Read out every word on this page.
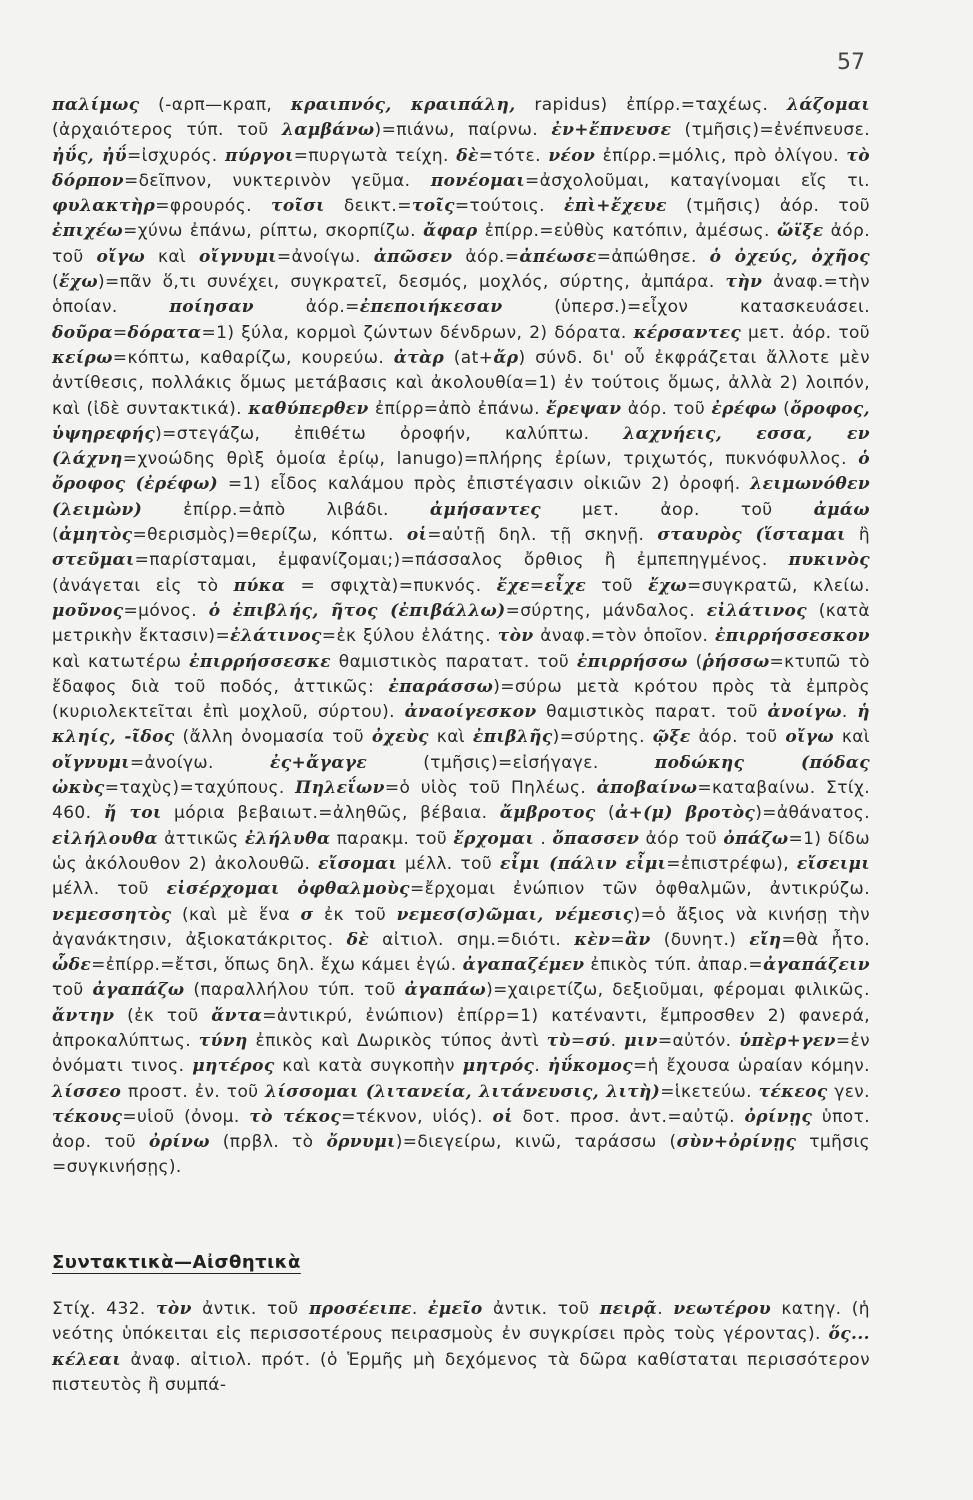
57
παλίμως (-αρπ—κραπ, κραιπνός, κραιπάλη, rapidus) ἐπίρρ.=ταχέως. λάζομαι (ἀρχαιότερος τύπ. τοῦ λαμβάνω)=πιάνω, παίρνω. ἐν+ἔπνευσε (τμῆσις)=ἐνέπνευσε. ἠΰς, ἠΰ=ἰσχυρός. πύργοι=πυργωτὰ τείχη. δὲ=τότε. νέον ἐπίρρ.=μόλις, πρὸ ὀλίγου. τὸ δόρπον=δεῖπνον, νυκτερινὸν γεῦμα. πονέομαι=ἀσχολοῦμαι, καταγίνομαι εἴς τι. φυλακτὴρ=φρουρός. τοῖσι δεικτ.=τοῖς=τούτοις. ἐπὶ+ἔχευε (τμῆσις) ἀόρ. τοῦ ἐπιχέω=χύνω ἐπάνω, ρίπτω, σκορπίζω. ἄφαρ ἐπίρρ.=εὐθὺς κατόπιν, ἀμέσως. ὤϊξε ἀόρ. τοῦ οἴγω καὶ οἴγνυμι=ἀνοίγω. ἀπῶσεν ἀόρ.=ἀπέωσε=ἀπώθησε. ὁ ὀχεύς, ὀχῆος (ἔχω)=πᾶν ὅ,τι συνέχει, συγκρατεῖ, δεσμός, μοχλός, σύρτης, ἀμπάρα. τὴν ἀναφ.=τὴν ὁποίαν. ποίησαν ἀόρ.=ἐπεποιήκεσαν (ὑπερσ.)=εἶχον κατασκευάσει. δοῦρα=δόρατα=1) ξύλα, κορμοὶ ζώντων δένδρων, 2) δόρατα. κέρσαντες μετ. ἀόρ. τοῦ κείρω=κόπτω, καθαρίζω, κουρεύω. ἀτὰρ (at+ἄρ) σύνδ. δι' οὗ ἐκφράζεται ἄλλοτε μὲν ἀντίθεσις, πολλάκις ὅμως μετάβασις καὶ ἀκολουθία=1) ἐν τούτοις ὅμως, ἀλλὰ 2) λοιπόν, καὶ (ἰδὲ συντακτικά). καθύπερθεν ἐπίρρ=ἀπὸ ἐπάνω. ἔρεψαν ἀόρ. τοῦ ἐρέφω (ὄροφος, ὑψηρεφής)=στεγάζω, ἐπιθέτω ὀροφήν, καλύπτω. λαχνήεις, εσσα, εν (λάχνη=χνοώδης θρὶξ ὁμοία ἐρίῳ, lanugo)=πλήρης ἐρίων, τριχωτός, πυκνόφυλλος. ὁ ὄροφος (ἐρέφω) =1) εἶδος καλάμου πρὸς ἐπιστέγασιν οἰκιῶν 2) ὀροφή. λειμωνόθεν (λειμὼν) ἐπίρρ.=ἀπὸ λιβάδι. ἀμήσαντες μετ. ἀορ. τοῦ ἀμάω (ἀμητὸς=θερισμὸς)=θερίζω, κόπτω. οἱ=αὐτῇ δηλ. τῇ σκηνῇ. σταυρὸς (ἵσταμαι ἢ στεῦμαι=παρίσταμαι, ἐμφανίζομαι;)=πάσσαλος ὄρθιος ἢ ἐμπεπηγμένος. πυκινὸς (ἀνάγεται εἰς τὸ πύκα = σφιχτὰ)=πυκνός. ἔχε=εἶχε τοῦ ἔχω=συγκρατῶ, κλείω. μοῦνος=μόνος. ὁ ἐπιβλής, ῆτος (ἐπιβάλλω)=σύρτης, μάνδαλος. εἰλάτινος (κατὰ μετρικὴν ἔκτασιν)=ἐλάτινος=ἐκ ξύλου ἐλάτης. τὸν ἀναφ.=τὸν ὁποῖον. ἐπιρρήσσεσκον καὶ κατωτέρω ἐπιρρήσσεσκε θαμιστικὸς παρατατ. τοῦ ἐπιρρήσσω (ῥήσσω=κτυπῶ τὸ ἔδαφος διὰ τοῦ ποδός, ἀττικῶς: ἐπαράσσω)=σύρω μετὰ κρότου πρὸς τὰ ἐμπρὸς (κυριολεκτεῖται ἐπὶ μοχλοῦ, σύρτου). ἀναοίγεσκον θαμιστικὸς παρατ. τοῦ ἀνοίγω. ἡ κληίς, -ῖδος (ἄλλη ὀνομασία τοῦ ὀχεὺς καὶ ἐπιβλῆς)=σύρτης. ῷξε ἀόρ. τοῦ οἴγω καὶ οἴγνυμι=ἀνοίγω. ἐς+ἄγαγε (τμῆσις)=εἰσήγαγε. ποδώκης (πόδας ὠκὺς=ταχὺς)=ταχύπους. Πηλεΐων=ὁ υἱὸς τοῦ Πηλέως. ἀποβαίνω=καταβαίνω. Στίχ. 460. ἤ τοι μόρια βεβαιωτ.=ἀληθῶς, βέβαια. ἄμβροτος (ἀ+(μ) βροτὸς)=ἀθάνατος. εἰλήλουθα ἀττικῶς ἐλήλυθα παρακμ. τοῦ ἔρχομαι . ὄπασσεν ἀόρ τοῦ ὀπάζω=1) δίδω ὡς ἀκόλουθον 2) ἀκολουθῶ. εἴσομαι μέλλ. τοῦ εἶμι (πάλιν εἶμι=ἐπιστρέφω), εἴσειμι μέλλ. τοῦ εἰσέρχομαι ὀφθαλμοὺς=ἔρχομαι ἐνώπιον τῶν ὀφθαλμῶν, ἀντικρύζω. νεμεσσητὸς (καὶ μὲ ἕνα σ ἐκ τοῦ νεμεσ(σ)ῶμαι, νέμεσις)=ὁ ἄξιος νὰ κινήσῃ τὴν ἀγανάκτησιν, ἀξιοκατάκριτος. δὲ αἰτιολ. σημ.=διότι. κὲν=ἂν (δυνητ.) εἴη=θὰ ἦτο. ὧδε=ἐπίρρ.=ἔτσι, ὅπως δηλ. ἔχω κάμει ἐγώ. ἀγαπαζέμεν ἐπικὸς τύπ. ἀπαρ.=ἀγαπάζειν τοῦ ἀγαπάζω (παραλλήλου τύπ. τοῦ ἀγαπάω)=χαιρετίζω, δεξιοῦμαι, φέρομαι φιλικῶς. ἄντην (ἐκ τοῦ ἄντα=ἀντικρύ, ἐνώπιον) ἐπίρρ=1) κατέναντι, ἔμπροσθεν 2) φανερά, ἀπροκαλύπτως. τύνη ἐπικὸς καὶ Δωρικὸς τύπος ἀντὶ τὺ=σύ. μιν=αὐτόν. ὑπὲρ+γεν=ἐν ὀνόματι τινος. μητέρος καὶ κατὰ συγκοπὴν μητρός. ἠΰκομος=ἡ ἔχουσα ὡραίαν κόμην. λίσσεο προστ. ἐν. τοῦ λίσσομαι (λιτανεία, λιτάνευσις, λιτὴ)=ἱκετεύω. τέκεος γεν. τέκους=υἱοῦ (ὀνομ. τὸ τέκος=τέκνον, υἱός). οἱ δοτ. προσ. ἀντ.=αὐτῷ. ὀρίνῃς ὑποτ. ἀορ. τοῦ ὀρίνω (πρβλ. τὸ ὄρνυμι)=διεγείρω, κινῶ, ταράσσω (σὺν+ὀρίνῃς τμῆσις =συγκινήσῃς).
Συντακτικὰ—Αἰσθητικὰ
Στίχ. 432. τὸν ἀντικ. τοῦ προσέειπε. ἐμεῖο ἀντικ. τοῦ πειρᾷ. νεωτέρου κατηγ. (ἡ νεότης ὑπόκειται εἰς περισσοτέρους πειρασμοὺς ἐν συγκρίσει πρὸς τοὺς γέροντας). ὅς... κέλεαι ἀναφ. αἰτιολ. πρότ. (ὁ Ἑρμῆς μὴ δεχόμενος τὰ δῶρα καθίσταται περισσότερον πιστευτὸς ἢ συμπά-
